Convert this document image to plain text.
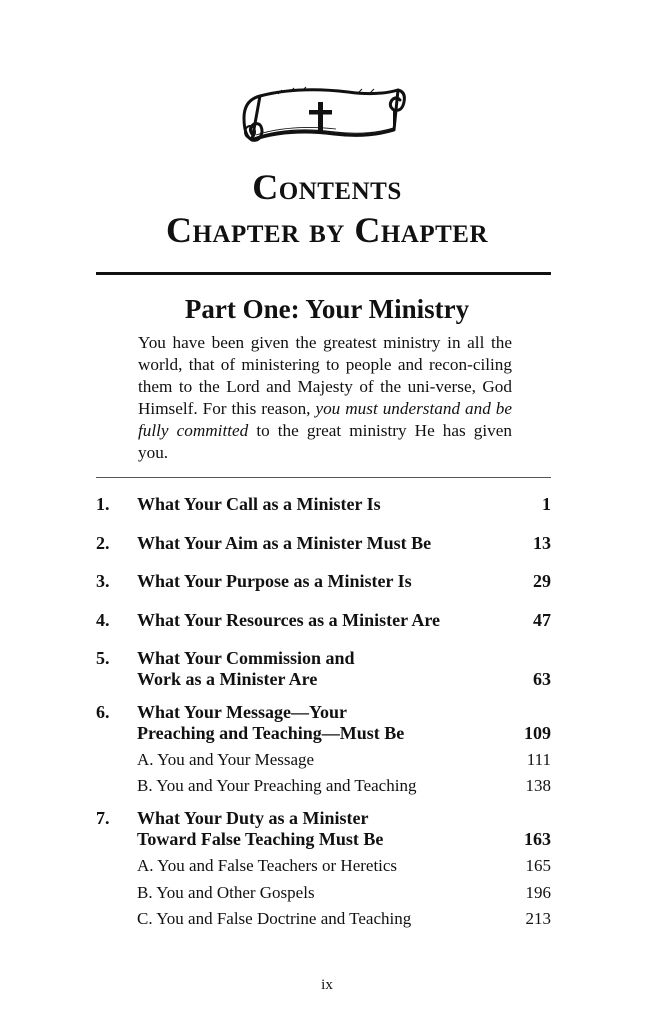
Contents
Chapter by Chapter
Part One: Your Ministry
You have been given the greatest ministry in all the world, that of ministering to people and recon-ciling them to the Lord and Majesty of the uni-verse, God Himself. For this reason, you must understand and be fully committed to the great ministry He has given you.
1. What Your Call as a Minister Is	1
2. What Your Aim as a Minister Must Be	13
3. What Your Purpose as a Minister Is	29
4. What Your Resources as a Minister Are	47
5. What Your Commission and
Work as a Minister Are	63
6. What Your Message—Your
Preaching and Teaching—Must Be	109
A. You and Your Message	111
B. You and Your Preaching and Teaching	138
7. What Your Duty as a Minister
Toward False Teaching Must Be	163
A. You and False Teachers or Heretics	165
B. You and Other Gospels	196
C. You and False Doctrine and Teaching	213
ix
